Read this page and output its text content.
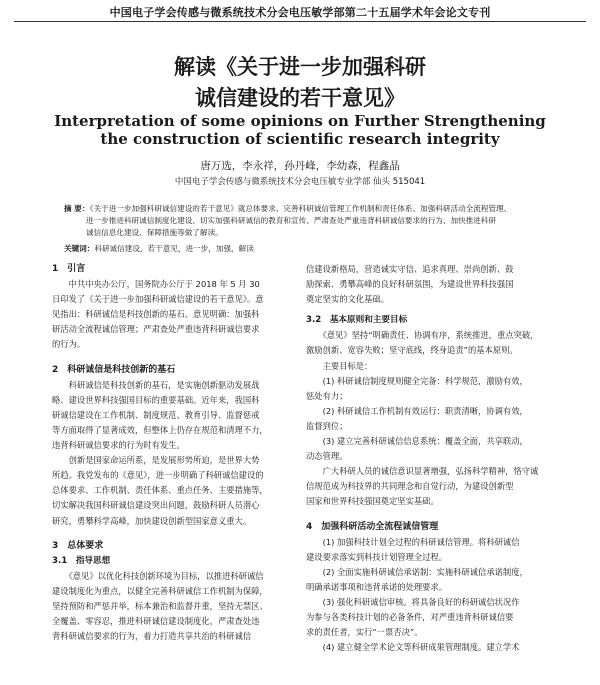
中国电子学会传感与微系统技术分会电压敏学部第二十五届学术年会论文专刊
解读《关于进一步加强科研
诚信建设的若干意见》
Interpretation of some opinions on Further Strengthening
the construction of scientific research integrity
唐万选，李永祥，孙丹峰，李幼森，程鑫晶
中国电子学会传感与微系统技术分会电压敏专业学部 仙头 515041
摘 要：《关于进一步加强科研诚信建设的若干意见》就总体要求、完善科研诚信管理工作机制和责任体系、加强科研活动全流程管理、
进一步推进科研诚信制度化建设、切实加强科研诚信的教育和宣传、严肃查处严重违背科研诚信要求的行为、加快推进科研
诚信信息化建设、保障措施等做了解读。
关键词：科研诚信建设，若干意见，进一步，加强，解读
1　引言
　　中共中央办公厅，国务院办公厅于 2018 年 5 月 30
日印发了《关于进一步加强科研诚信建设的若干意见》。意
见指出：科研诚信是科技创新的基石。意见明确：加强科
研活动全流程诚信管理；严肃查处严重违背科研诚信要求
的行为。
2　科研诚信是科技创新的基石
　　科研诚信是科技创新的基石，是实施创新驱动发展战
略、建设世界科技强国目标的重要基础。近年来，我国科
研诚信建设在工作机制、制度规范、教育引导、监督惩戒
等方面取得了显著成效，但整体上仍存在规范和清理不力，
违背科研诚信要求的行为时有发生。
　　创新是国家命运所系，是发展形势所迫，是世界大势
所趋。我党发布的《意见》，进一步明确了科研诚信建设的
总体要求、工作机制、责任体系、重点任务、主要措施等，
切实解决我国科研诚信建设突出问题，鼓励科研人员潜心
研究，勇攀科学高峰，加快建设创新型国家意义重大。
3　总体要求
3.1　指导思想
　　《意见》以优化科技创新环境为目标，以推进科研诚信
建设制度化为重点，以健全完善科研诚信工作机制为保障，
坚持预防和严惩并举，标本兼治和监督并重，坚持无禁区、
全覆盖、零容忍，推进科研诚信建设制度化，严肃查处违
背科研诚信要求的行为，着力打造共享共治的科研诚信
信建设新格局，营造诚实守信、追求真理、崇尚创新、鼓
励探索、勇攀高峰的良好科研氛围，为建设世界科技强国
奠定坚实的文化基础。
3.2　基本原则和主要目标
　　《意见》坚持“明确责任、协调有序，系统推进，重点突破，
激励创新、宽容失败；坚守底线，终身追责”的基本原则。
　　主要目标是：
　　(1) 科研诚信制度规则健全完备：科学规范，激励有效，
惩处有力；
　　(2) 科研诚信工作机制有效运行：职责清晰，协调有效，
监督到位；
　　(3) 建立完善科研诚信信息系统：覆盖全面，共享联动，
动态管理。
　　广大科研人员的诚信意识显著增强，弘扬科学精神，恪守诚
信规范成为科技界的共同理念和自觉行动，为建设创新型
国家和世界科技强国奠定坚实基础。
4　加强科研活动全流程诚信管理
　　(1) 加强科技计划全过程的科研诚信管理。将科研诚信
建设要求落实到科技计划管理全过程。
　　(2) 全面实施科研诚信承诺制：实施科研诚信承诺制度，
明确承诺事项和违背承诺的处理要求。
　　(3) 强化科研诚信审核。将具备良好的科研诚信状况作
为参与各类科技计划的必备条件，对严重违背科研诚信要
求的责任者，实行“一票否决”。
　　(4) 建立健全学术论文等科研成果管理制度。建立学术
